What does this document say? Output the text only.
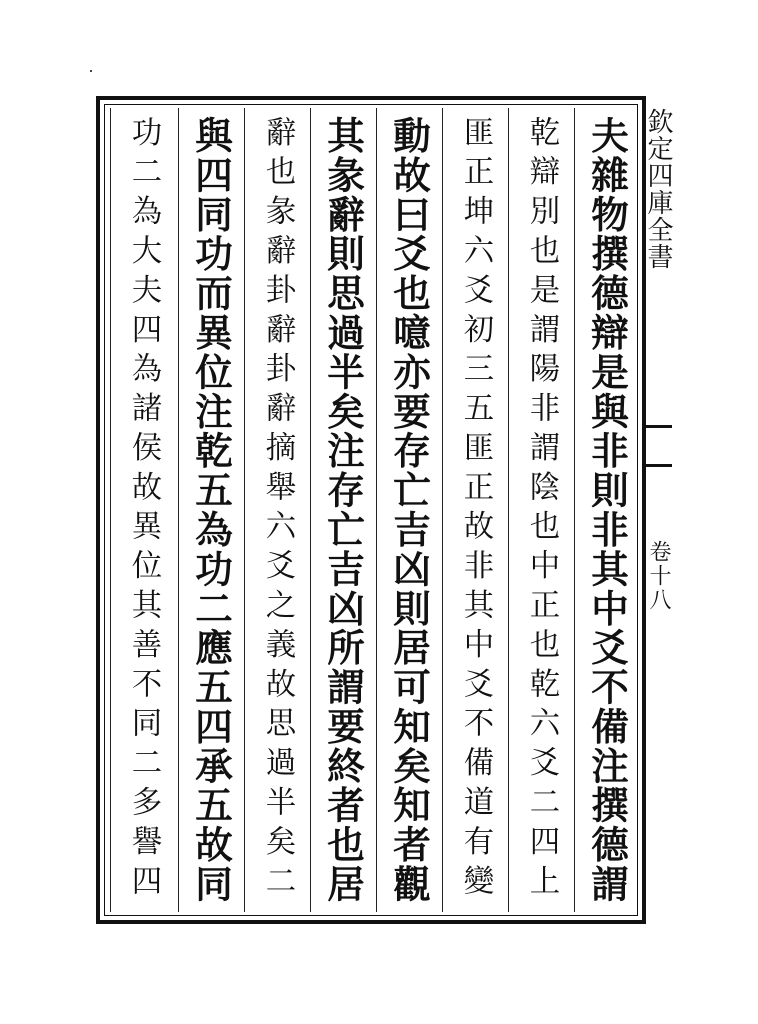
夫雜物撰德辯是與非則非其中爻不備注撰德謂
乾辯別也是謂陽非謂陰也中正也乾六爻二四上
匪正坤六爻初三五匪正故非其中爻不備道有變
動故曰爻也噫亦要存亡吉凶則居可知矣知者觀
其彖辭則思過半矣注存亡吉凶所謂要終者也居
辭也彖辭卦辭卦辭摘舉六爻之義故思過半矣二
與四同功而異位注乾五為功二應五四承五故同
功二為大夫四為諸侯故異位其善不同二多譽四	欽定四庫全書
卷十八
